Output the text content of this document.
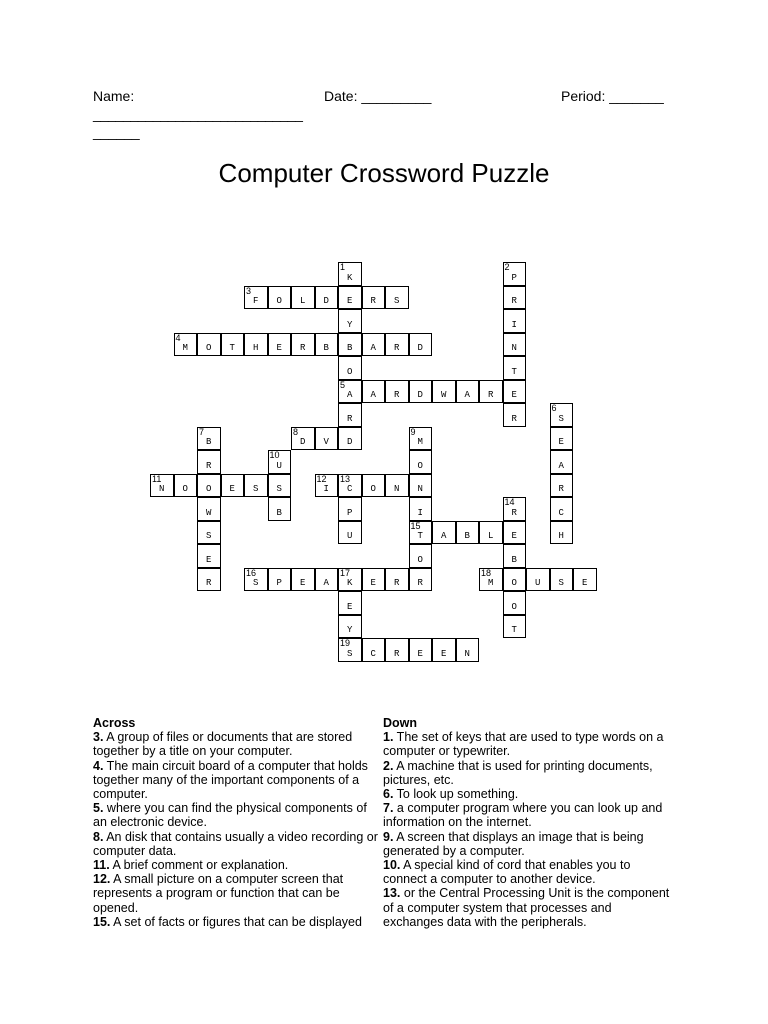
Name:	Date: _________	Period: _______
____________________________
______
Computer Crossword Puzzle
1
K
E
Y
B
O
5
A
R
D
2
P
R
I
N
T
E
R
3
F	O	L	D	R	S
4
M	O	T	H	E	R	B	A	R	D
A	R	D	W	A	R
6
S
E
A
R
C
H
7
B
R
O
W
S
E
R
8
D	V
9
M
O
N
I
15
T
O
R
10
U
S
B
11
N	O	E	S
12
I
13
C	O	N
P
U
14
R
E
B
O
O
T
A	B	L
16
S	P	E	A
17
K	E	R
E
Y
18
M	U	S	E
19
S	C	R	E	E	N
Across
3. A group of files or documents that are stored together by a title on your computer.
4. The main circuit board of a computer that holds together many of the important components of a computer.
5. where you can find the physical components of an electronic device.
8. An disk that contains usually a video recording or computer data.
11. A brief comment or explanation.
12. A small picture on a computer screen that represents a program or function that can be opened.
15. A set of facts or figures that can be displayed
Down
1. The set of keys that are used to type words on a computer or typewriter.
2. A machine that is used for printing documents, pictures, etc.
6. To look up something.
7. a computer program where you can look up and information on the internet.
9. A screen that displays an image that is being generated by a computer.
10. A special kind of cord that enables you to connect a computer to another device.
13. or the Central Processing Unit is the component of a computer system that processes and exchanges data with the peripherals.
